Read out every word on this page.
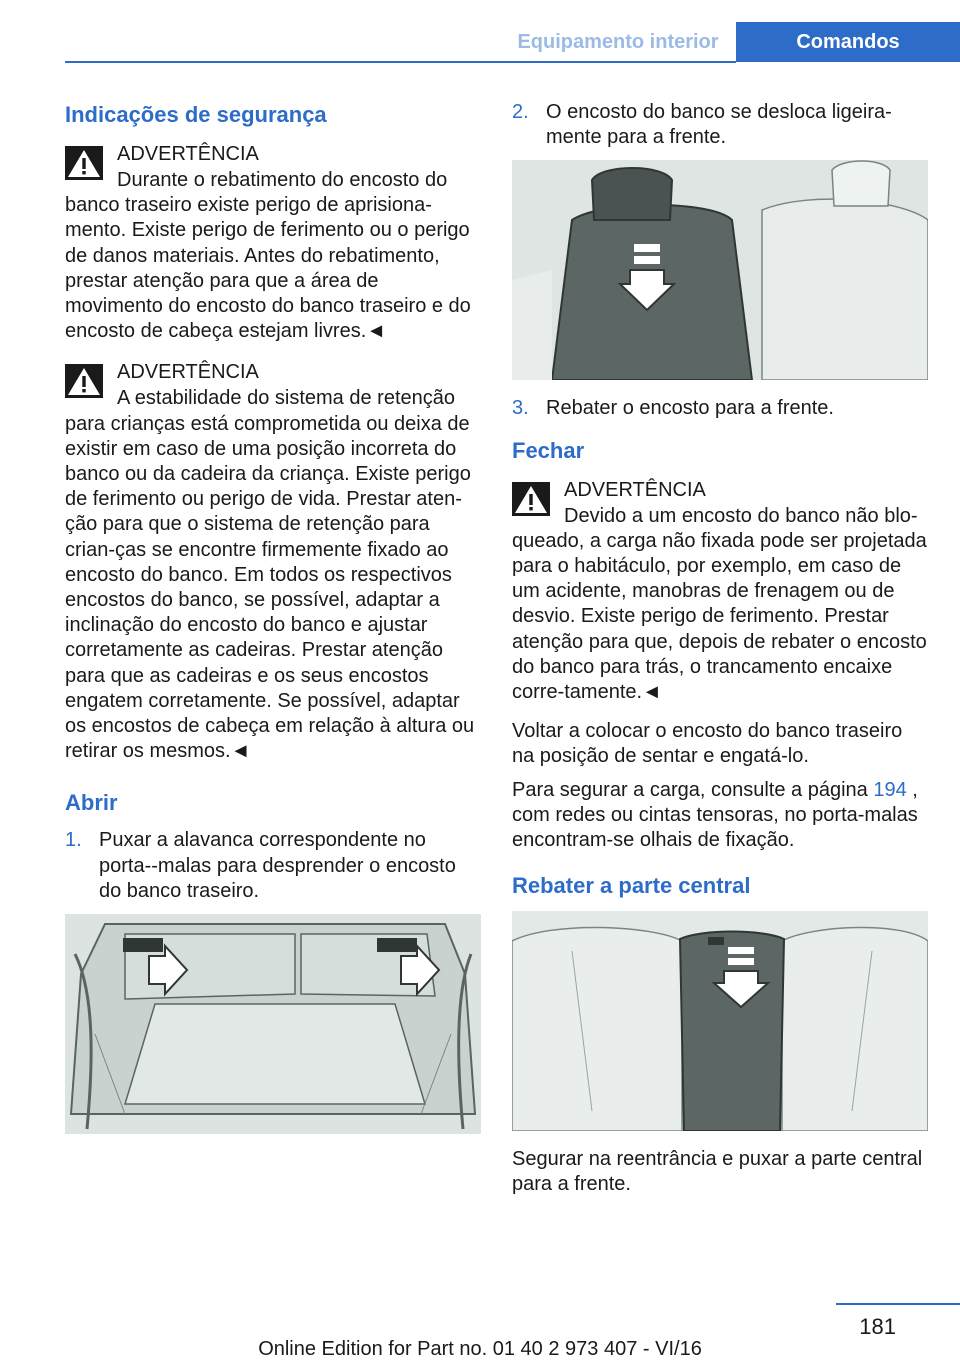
Equipamento interior	Comandos
Indicações de segurança
ADVERTÊNCIA
Durante o rebatimento do encosto do
banco traseiro existe perigo de aprisiona-mento. Existe perigo de ferimento ou o perigo de danos materiais. Antes do rebatimento, prestar atenção para que a área de movimento do encosto do banco traseiro e do encosto de cabeça estejam livres.◄
ADVERTÊNCIA
A estabilidade do sistema de retenção
para crianças está comprometida ou deixa de existir em caso de uma posição incorreta do banco ou da cadeira da criança. Existe perigo de ferimento ou perigo de vida. Prestar aten-ção para que o sistema de retenção para crian-ças se encontre firmemente fixado ao encosto do banco. Em todos os respectivos encostos do banco, se possível, adaptar a inclinação do encosto do banco e ajustar corretamente as cadeiras. Prestar atenção para que as cadeiras e os seus encostos engatem corretamente. Se possível, adaptar os encostos de cabeça em relação à altura ou retirar os mesmos.◄
Abrir
1. Puxar a alavanca correspondente no porta--malas para desprender o encosto do banco traseiro.
2. O encosto do banco se desloca ligeira-mente para a frente.
3. Rebater o encosto para a frente.
Fechar
ADVERTÊNCIA
Devido a um encosto do banco não blo-
queado, a carga não fixada pode ser projetada para o habitáculo, por exemplo, em caso de um acidente, manobras de frenagem ou de desvio. Existe perigo de ferimento. Prestar atenção para que, depois de rebater o encosto do banco para trás, o trancamento encaixe corre-tamente.◄

Voltar a colocar o encosto do banco traseiro na posição de sentar e engatá-lo.

Para segurar a carga, consulte a página 194 , com redes ou cintas tensoras, no porta-malas encontram-se olhais de fixação.

Rebater a parte central

Segurar na reentrância e puxar a parte central para a frente.

181
Online Edition for Part no. 01 40 2 973 407 - VI/16
